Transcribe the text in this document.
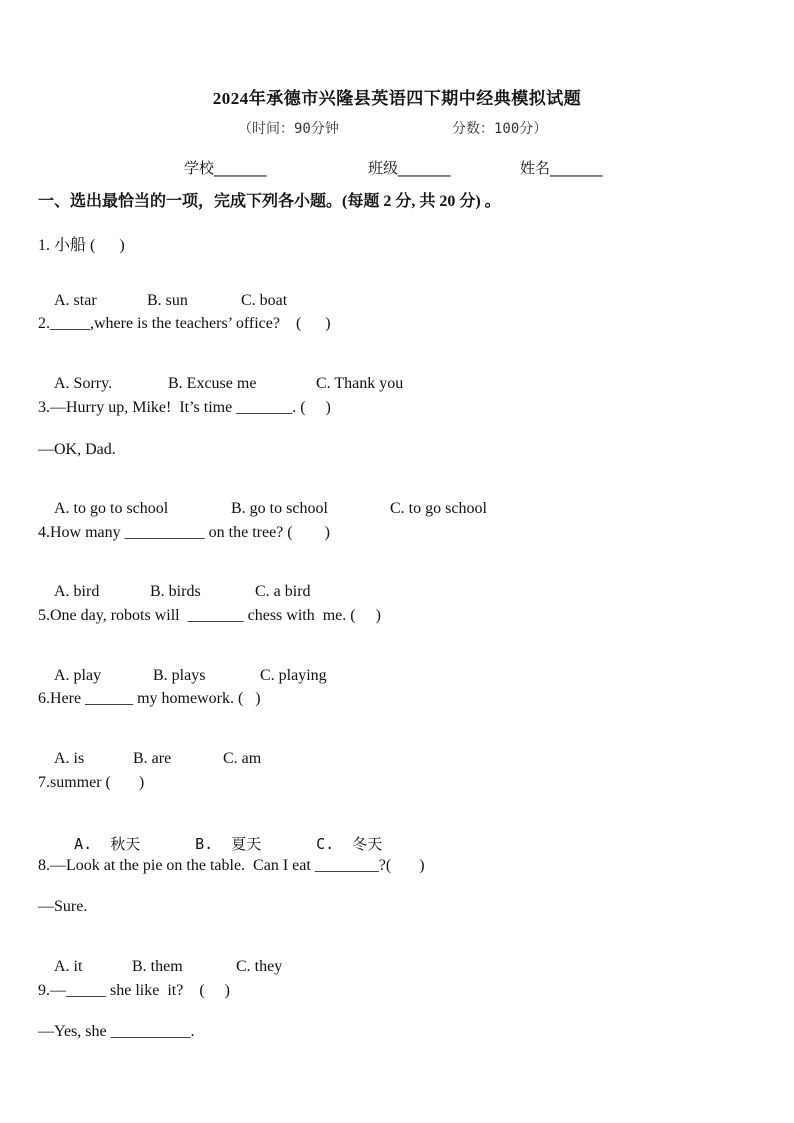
2024年承德市兴隆县英语四下期中经典模拟试题
（时间：90分钟	分数：100分）
学校_______	班级_______	姓名_______
一、选出最恰当的一项，完成下列各小题。(每题 2 分, 共 20 分) 。
1. 小船 (      )

A. star	B. sun	C. boat

2._____,where is the teachers’ office?    (      )

A. Sorry.	B. Excuse me	C. Thank you

3.—Hurry up, Mike!  It’s time _______. (     )
—OK, Dad.

A. to go to school	B. go to school	C. to go school

4.How many __________ on the tree? (        )

A. bird	B. birds	C. a bird

5.One day, robots will  _______ chess with  me. (     )

A. play	B. plays	C. playing

6.Here ______ my homework. (   )

A. is	B. are	C. am

7.summer (       )

A.  秋天	B.  夏天	C.  冬天

8.—Look at the pie on the table.  Can I eat ________?(       )
—Sure.

A. it	B. them	C. they

9.—_____ she like  it?    (     )
—Yes, she __________.
